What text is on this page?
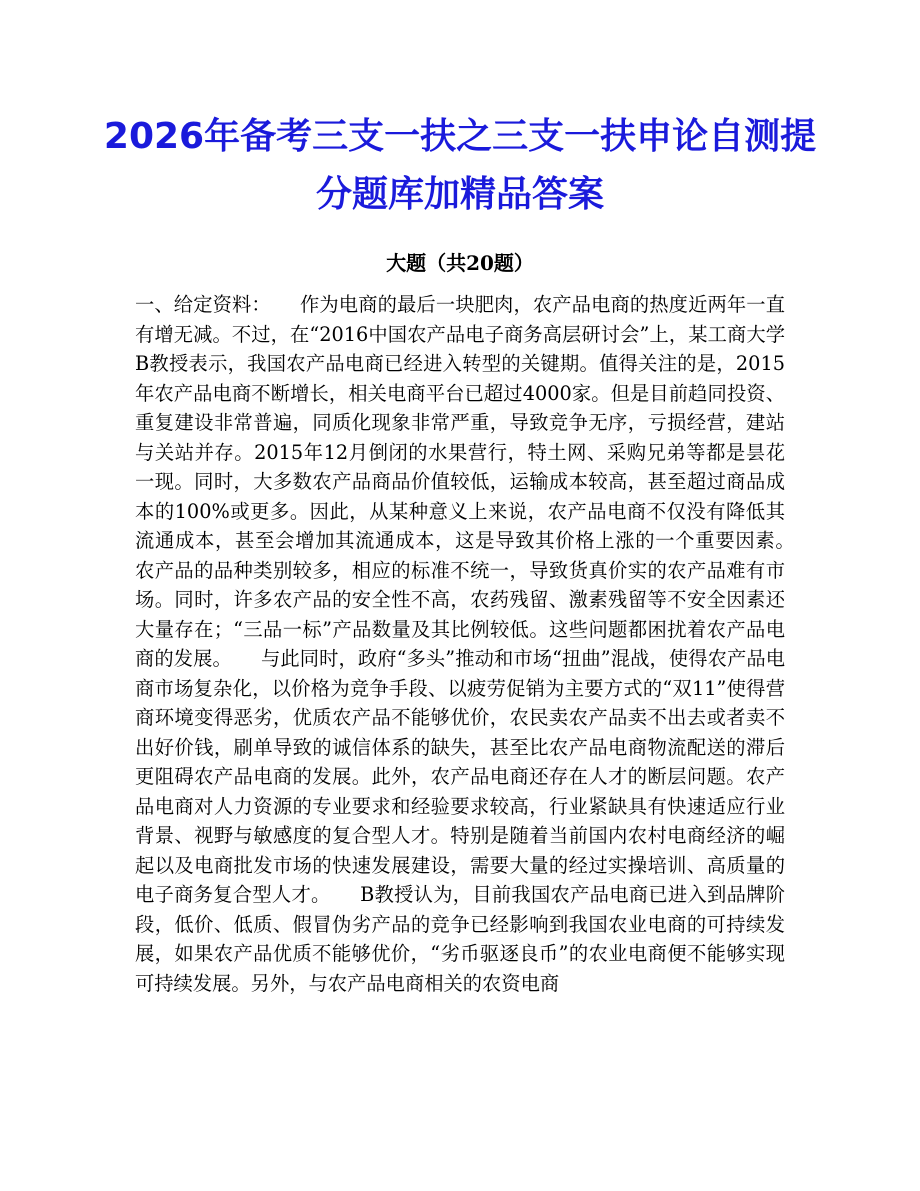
2026年备考三支一扶之三支一扶申论自测提分题库加精品答案
大题（共20题）

一、给定资料：　　作为电商的最后一块肥肉，农产品电商的热度近两年一直有增无减。不过，在“2016中国农产品电子商务高层研讨会”上，某工商大学B教授表示，我国农产品电商已经进入转型的关键期。值得关注的是，2015年农产品电商不断增长，相关电商平台已超过4000家。但是目前趋同投资、重复建设非常普遍，同质化现象非常严重，导致竞争无序，亏损经营，建站与关站并存。2015年12月倒闭的水果营行，特土网、采购兄弟等都是昙花一现。同时，大多数农产品商品价值较低，运输成本较高，甚至超过商品成本的100%或更多。因此，从某种意义上来说，农产品电商不仅没有降低其流通成本，甚至会增加其流通成本，这是导致其价格上涨的一个重要因素。　　农产品的品种类别较多，相应的标准不统一，导致货真价实的农产品难有市场。同时，许多农产品的安全性不高，农药残留、激素残留等不安全因素还大量存在；“三品一标”产品数量及其比例较低。这些问题都困扰着农产品电商的发展。　　与此同时，政府“多头”推动和市场“扭曲”混战，使得农产品电商市场复杂化，以价格为竞争手段、以疲劳促销为主要方式的“双11”使得营商环境变得恶劣，优质农产品不能够优价，农民卖农产品卖不出去或者卖不出好价钱，刷单导致的诚信体系的缺失，甚至比农产品电商物流配送的滞后更阻碍农产品电商的发展。此外，农产品电商还存在人才的断层问题。农产品电商对人力资源的专业要求和经验要求较高，行业紧缺具有快速适应行业背景、视野与敏感度的复合型人才。特别是随着当前国内农村电商经济的崛起以及电商批发市场的快速发展建设，需要大量的经过实操培训、高质量的电子商务复合型人才。　　B教授认为，目前我国农产品电商已进入到品牌阶段，低价、低质、假冒伪劣产品的竞争已经影响到我国农业电商的可持续发展，如果农产品优质不能够优价，“劣币驱逐良币”的农业电商便不能够实现可持续发展。另外，与农产品电商相关的农资电商
